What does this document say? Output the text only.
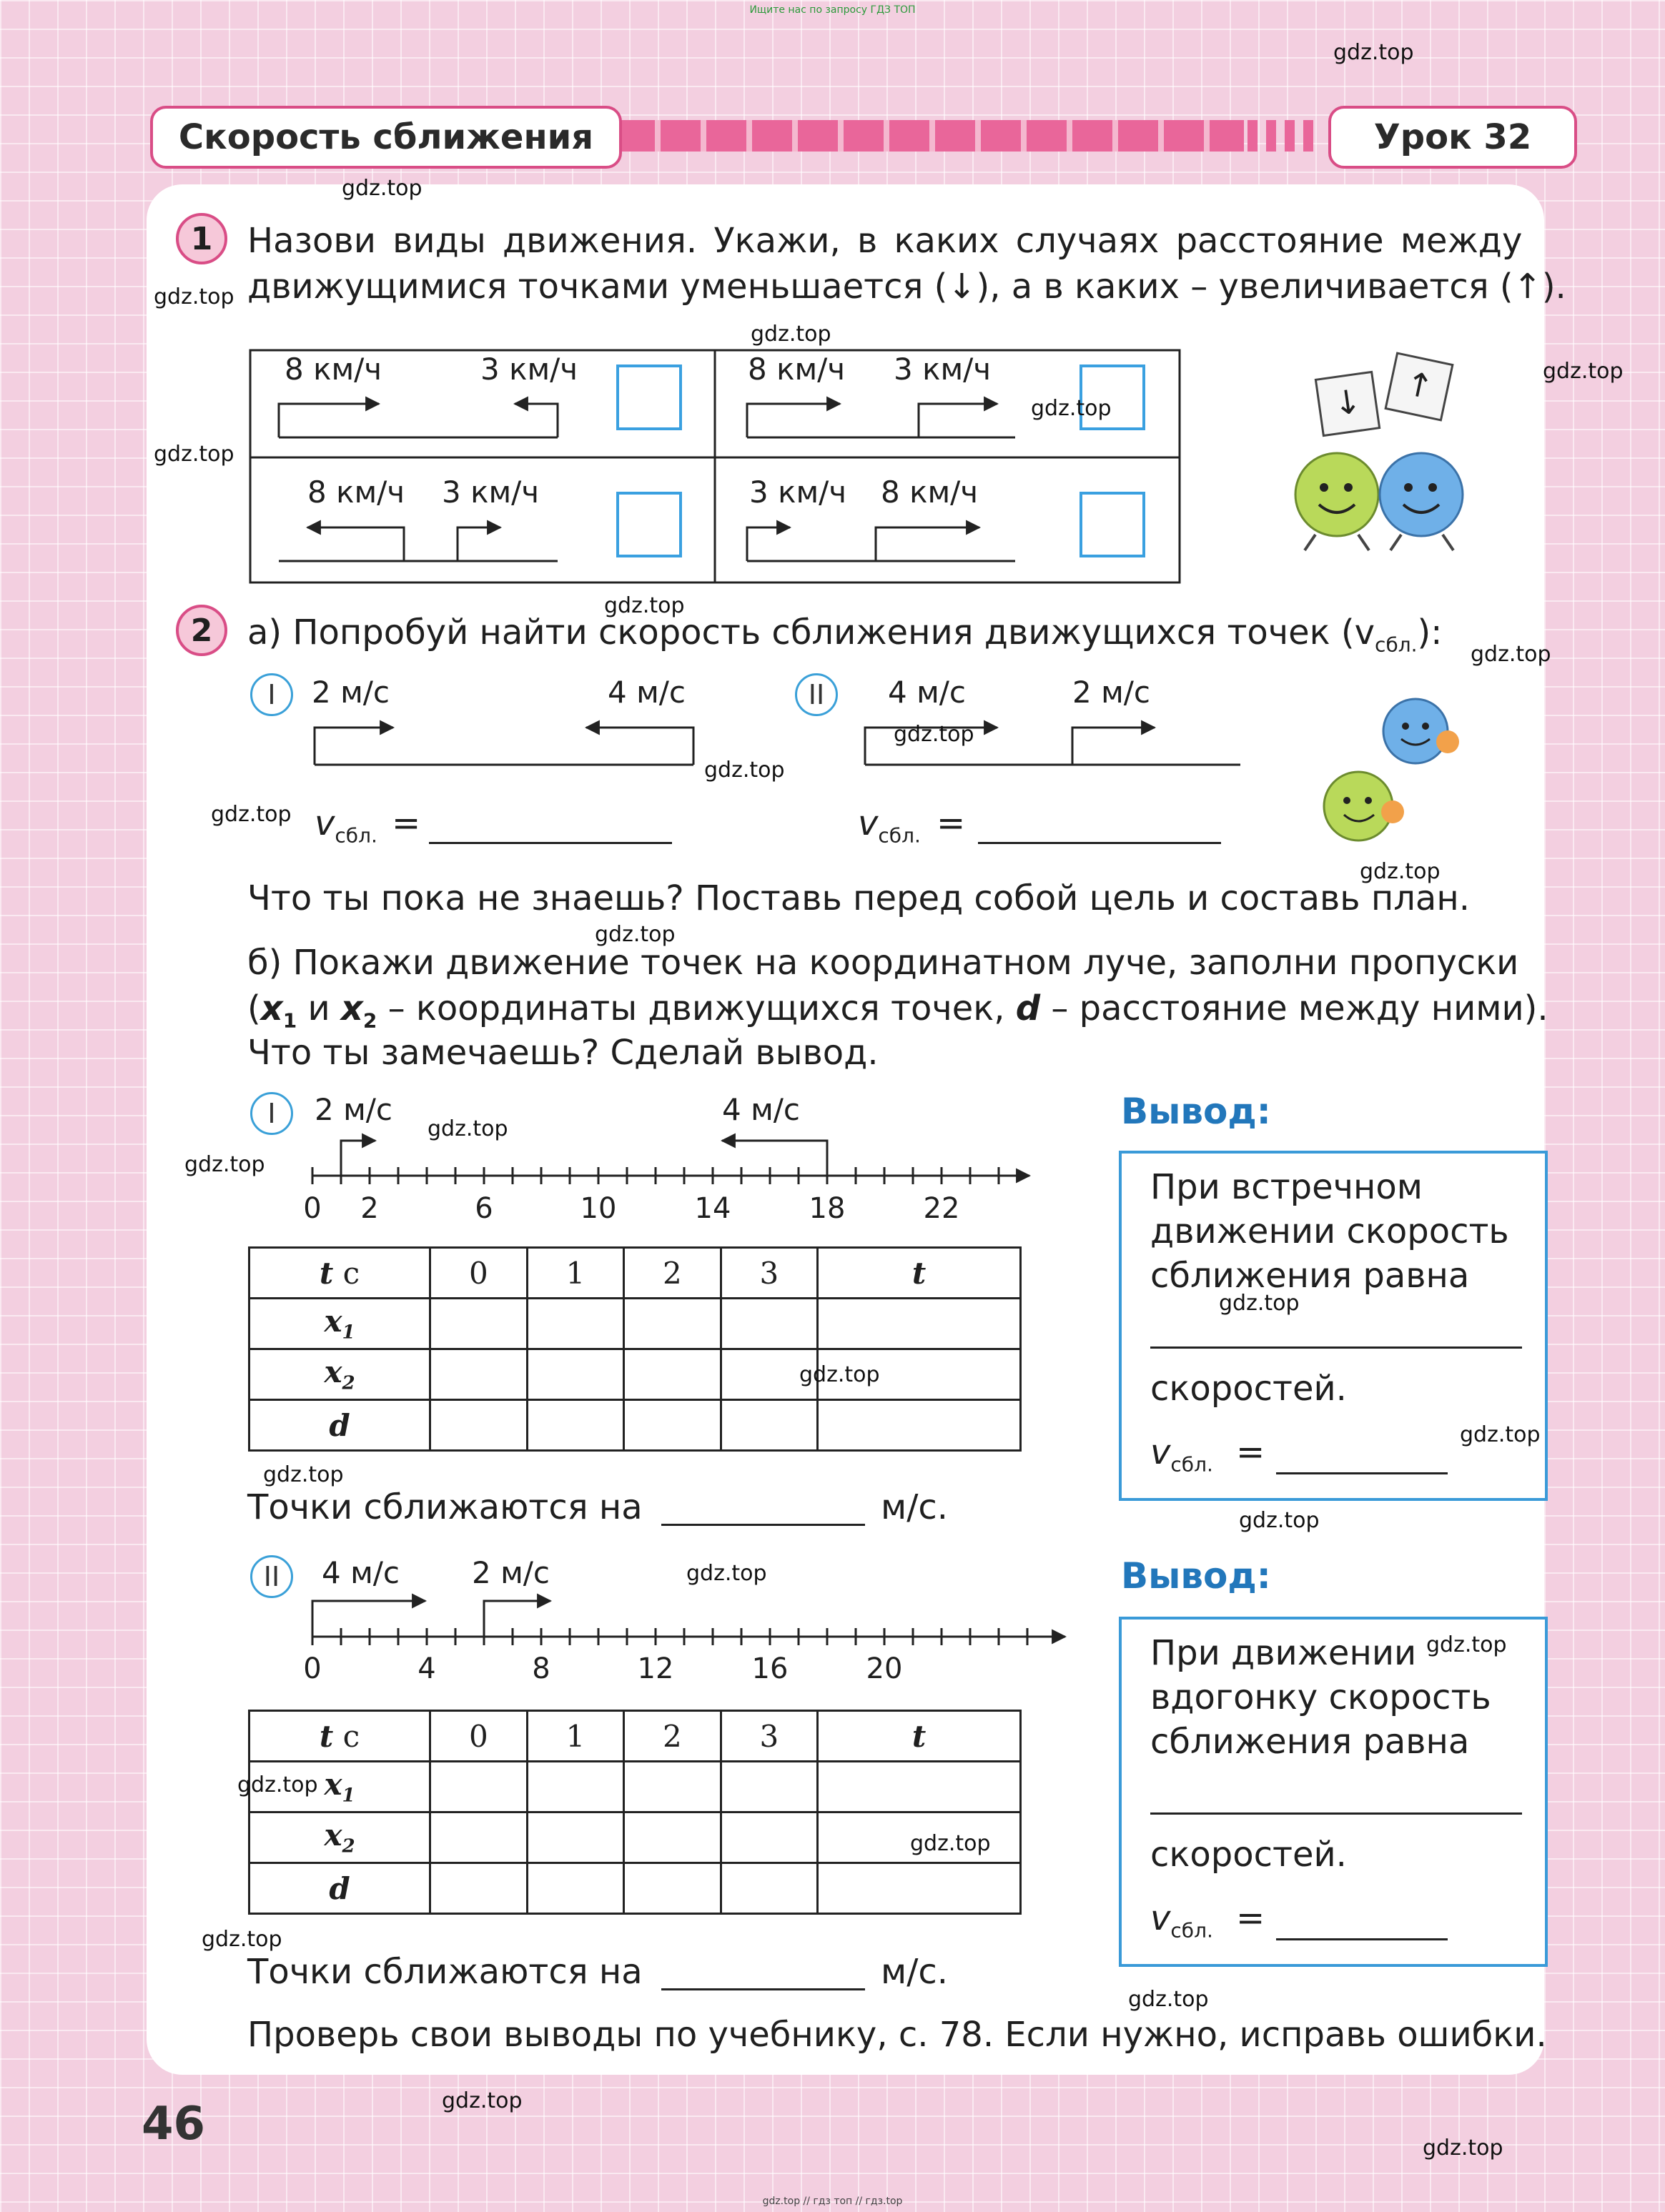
Ищите нас по запросу ГДЗ ТОП
gdz.top // гдз топ // гдз.top
Скорость сближения	Урок 32
1	Назови виды движения. Укажи, в каких случаях расстояние между
движущимися точками уменьшается (↓), а в каких – увеличивается (↑).
8 км/ч	3 км/ч	8 км/ч 3 км/ч
8 км/ч 3 км/ч	3 км/ч 8 км/ч
↓	↑
2	а) Попробуй найти скорость сближения движущихся точек $(v_{сбл.})$:
I	2 м/с	4 м/с	II	4 м/с	2 м/с
$v_{сбл.}$ =	$v_{сбл.}$ =
Что ты пока не знаешь? Поставь перед собой цель и составь план.
б) Покажи движение точек на координатном луче, заполни пропуски
($x_1$ и $x_2$ – координаты движущихся точек, d – расстояние между ними).
Что ты замечаешь? Сделай вывод.
I	2 м/с	4 м/с
0	2	6	10	14	18	22
t с	0	1	2	3	t
$x_1$					
$x_2$					
d					
Точки сближаются на	м/с.
Вывод:
При встречном
движении скорость
сближения равна
скоростей.
$v_{сбл.}$ =
II	4 м/с 2 м/с
0	4	8	12	16	20
t с	0	1	2	3	t
$x_1$					
$x_2$					
d					
Точки сближаются на	м/с.
Вывод:
При движении
вдогонку скорость
сближения равна
скоростей.
$v_{сбл.}$ =
Проверь свои выводы по учебнику, с. 78. Если нужно, исправь ошибки.
46
gdz.top
gdz.top
gdz.top
gdz.top
gdz.top
gdz.top
gdz.top
gdz.top
gdz.top
gdz.top
gdz.top
gdz.top
gdz.top
gdz.top
gdz.top
gdz.top
gdz.top
gdz.top
gdz.top
gdz.top
gdz.top
gdz.top
gdz.top
gdz.top
gdz.top
gdz.top
gdz.top
gdz.top
gdz.top
